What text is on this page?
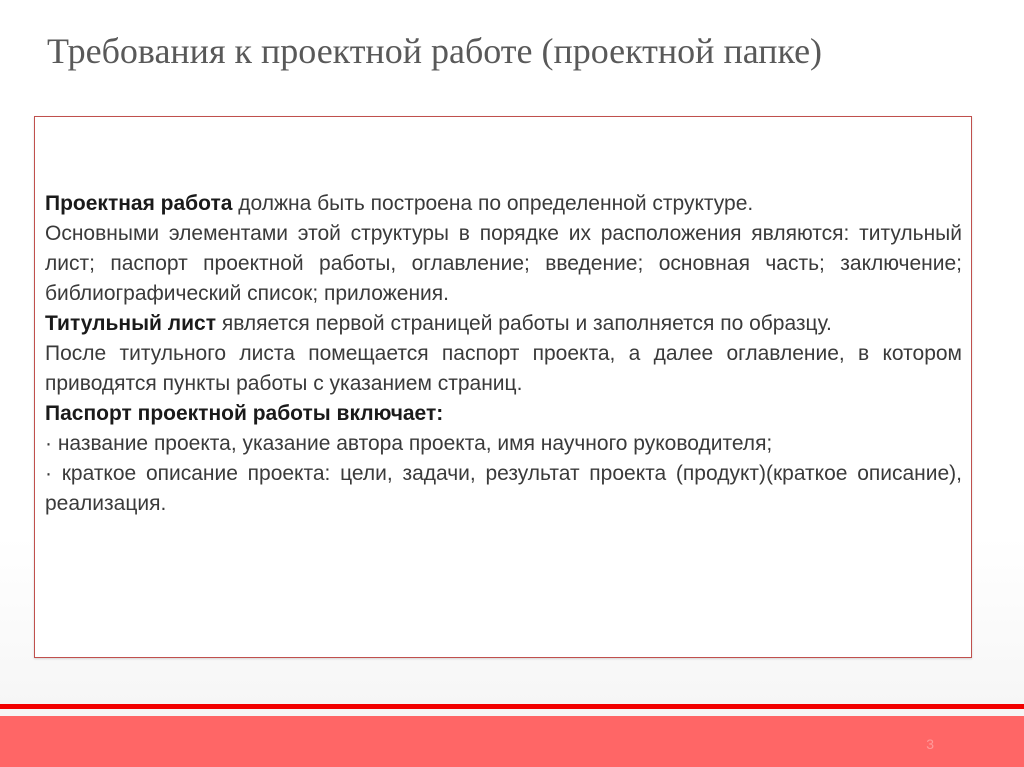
Требования к проектной работе (проектной папке)

Проектная работа должна быть построена по определенной структуре.

Основными элементами этой структуры в порядке их расположения являются: титульный лист; паспорт проектной работы, оглавление; введение; основная часть; заключение; библиографический список; приложения.

Титульный лист является первой страницей работы и заполняется по образцу.

После титульного листа помещается паспорт проекта, а далее оглавление, в котором приводятся пункты работы с указанием страниц.

Паспорт проектной работы включает:

· название проекта, указание автора проекта, имя научного руководителя;

· краткое описание проекта: цели, задачи, результат проекта (продукт)(краткое описание), реализация.

3
